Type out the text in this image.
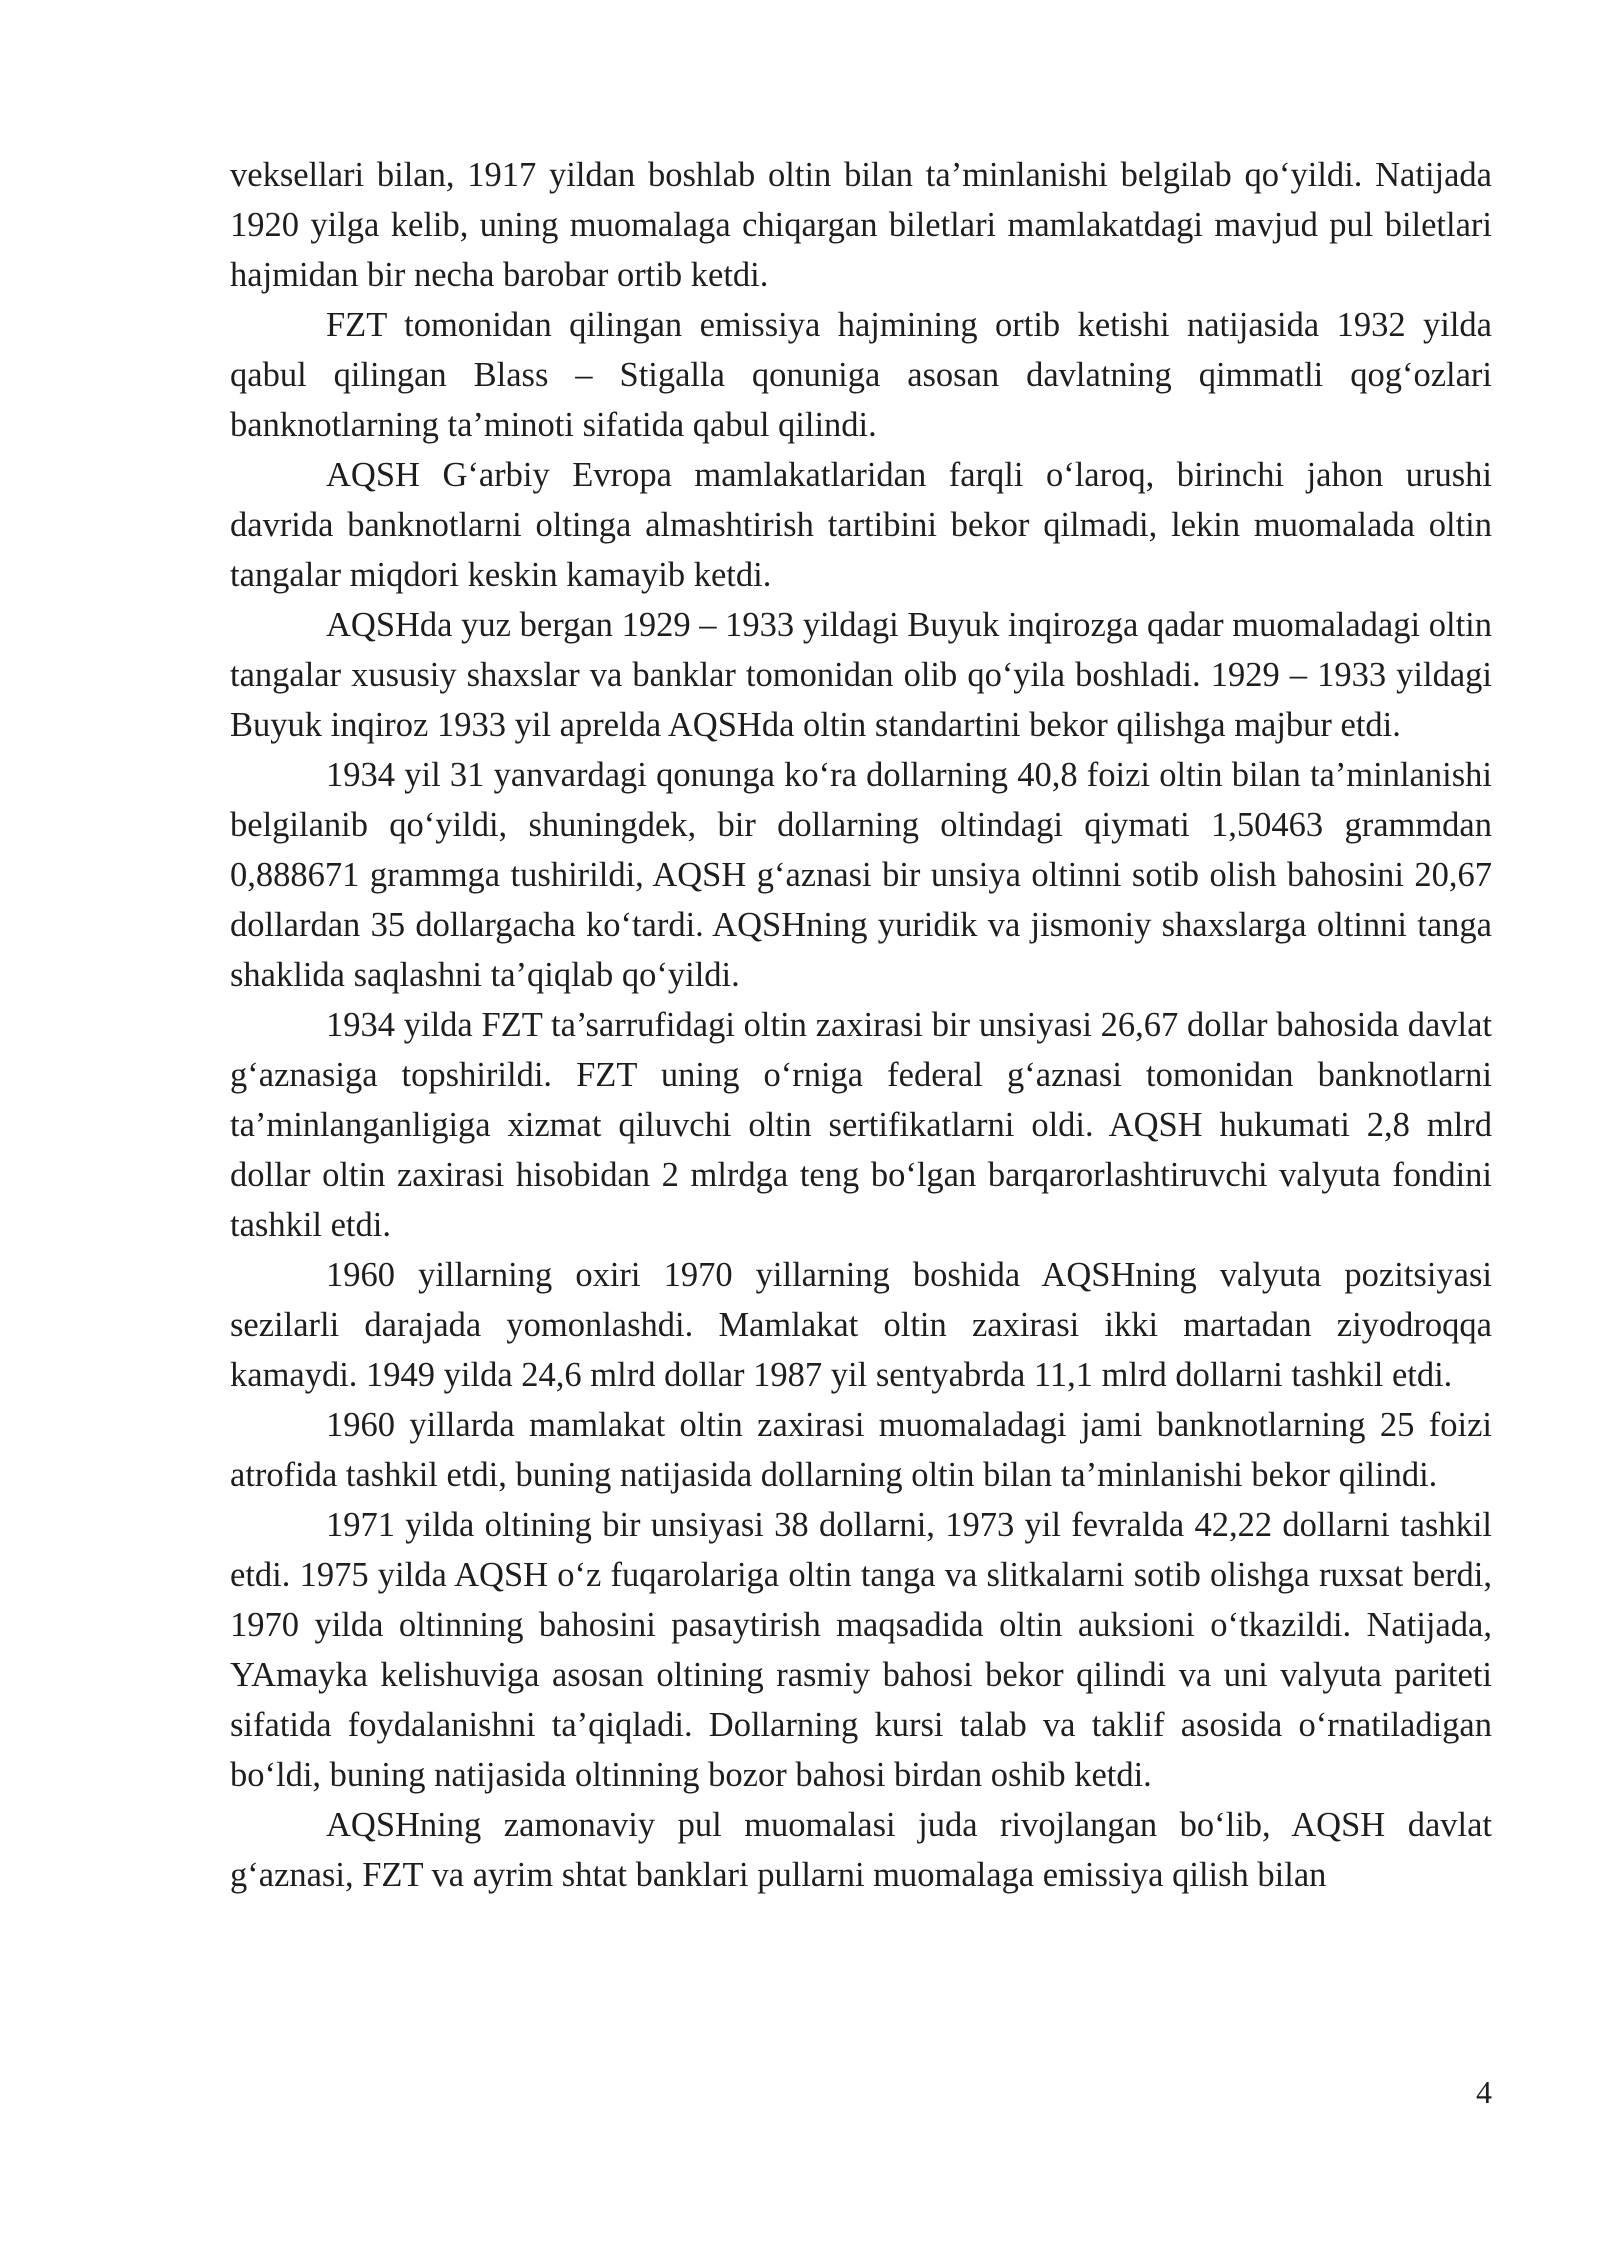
veksellari bilan, 1917 yildan boshlab oltin bilan ta’minlanishi belgilab qo‘yildi. Natijada 1920 yilga kelib, uning muomalaga chiqargan biletlari mamlakatdagi mavjud pul biletlari hajmidan bir necha barobar ortib ketdi.

FZT tomonidan qilingan emissiya hajmining ortib ketishi natijasida 1932 yilda qabul qilingan Blass – Stigalla qonuniga asosan davlatning qimmatli qog‘ozlari banknotlarning ta’minoti sifatida qabul qilindi.

AQSH G‘arbiy Evropa mamlakatlaridan farqli o‘laroq, birinchi jahon urushi davrida banknotlarni oltinga almashtirish tartibini bekor qilmadi, lekin muomalada oltin tangalar miqdori keskin kamayib ketdi.

AQSHda yuz bergan 1929 – 1933 yildagi Buyuk inqirozga qadar muomaladagi oltin tangalar xususiy shaxslar va banklar tomonidan olib qo‘yila boshladi. 1929 – 1933 yildagi Buyuk inqiroz 1933 yil aprelda AQSHda oltin standartini bekor qilishga majbur etdi.

1934 yil 31 yanvardagi qonunga ko‘ra dollarning 40,8 foizi oltin bilan ta’minlanishi belgilanib qo‘yildi, shuningdek, bir dollarning oltindagi qiymati 1,50463 grammdan 0,888671 grammga tushirildi, AQSH g‘aznasi bir unsiya oltinni sotib olish bahosini 20,67 dollardan 35 dollargacha ko‘tardi. AQSHning yuridik va jismoniy shaxslarga oltinni tanga shaklida saqlashni ta’qiqlab qo‘yildi.

1934 yilda FZT ta’sarrufidagi oltin zaxirasi bir unsiyasi 26,67 dollar bahosida davlat g‘aznasiga topshirildi. FZT uning o‘rniga federal g‘aznasi tomonidan banknotlarni ta’minlanganligiga xizmat qiluvchi oltin sertifikatlarni oldi. AQSH hukumati 2,8 mlrd dollar oltin zaxirasi hisobidan 2 mlrdga teng bo‘lgan barqarorlashtiruvchi valyuta fondini tashkil etdi.

1960 yillarning oxiri 1970 yillarning boshida AQSHning valyuta pozitsiyasi sezilarli darajada yomonlashdi. Mamlakat oltin zaxirasi ikki martadan ziyodroqqa kamaydi. 1949 yilda 24,6 mlrd dollar 1987 yil sentyabrda 11,1 mlrd dollarni tashkil etdi.

1960 yillarda mamlakat oltin zaxirasi muomaladagi jami banknotlarning 25 foizi atrofida tashkil etdi, buning natijasida dollarning oltin bilan ta’minlanishi bekor qilindi.

1971 yilda oltining bir unsiyasi 38 dollarni, 1973 yil fevralda 42,22 dollarni tashkil etdi. 1975 yilda AQSH o‘z fuqarolariga oltin tanga va slitkalarni sotib olishga ruxsat berdi, 1970 yilda oltinning bahosini pasaytirish maqsadida oltin auksioni o‘tkazildi. Natijada, YAmayka kelishuviga asosan oltining rasmiy bahosi bekor qilindi va uni valyuta pariteti sifatida foydalanishni ta’qiqladi. Dollarning kursi talab va taklif asosida o‘rnatiladigan bo‘ldi, buning natijasida oltinning bozor bahosi birdan oshib ketdi.

AQSHning zamonaviy pul muomalasi juda rivojlangan bo‘lib, AQSH davlat g‘aznasi, FZT va ayrim shtat banklari pullarni muomalaga emissiya qilish bilan

4
